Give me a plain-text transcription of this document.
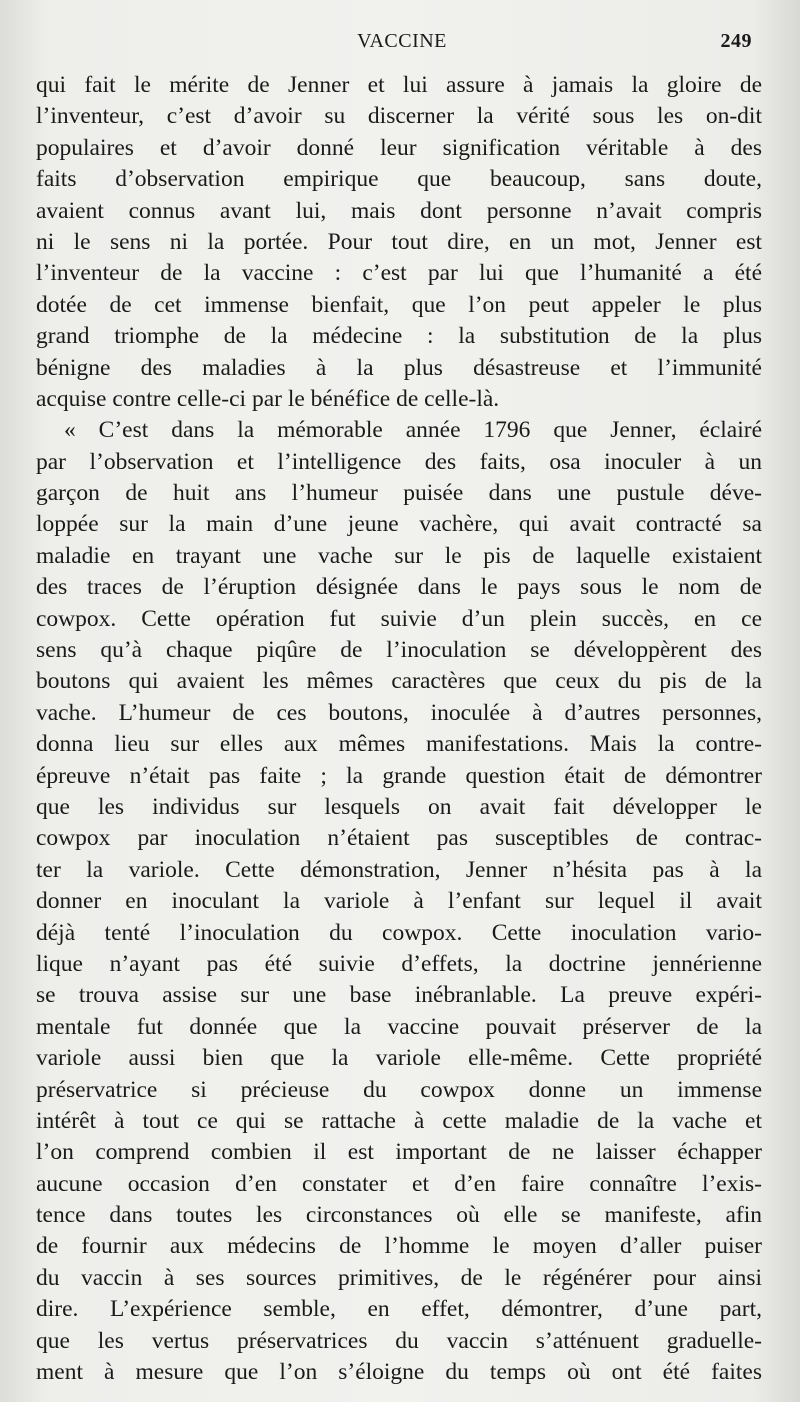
VACCINE	249
qui fait le mérite de Jenner et lui assure à jamais la gloire de
l’inventeur, c’est d’avoir su discerner la vérité sous les on-dit
populaires et d’avoir donné leur signification véritable à des
faits d’observation empirique que beaucoup, sans doute,
avaient connus avant lui, mais dont personne n’avait compris
ni le sens ni la portée. Pour tout dire, en un mot, Jenner est
l’inventeur de la vaccine : c’est par lui que l’humanité a été
dotée de cet immense bienfait, que l’on peut appeler le plus
grand triomphe de la médecine : la substitution de la plus
bénigne des maladies à la plus désastreuse et l’immunité
acquise contre celle-ci par le bénéfice de celle-là.
« C’est dans la mémorable année 1796 que Jenner, éclairé
par l’observation et l’intelligence des faits, osa inoculer à un
garçon de huit ans l’humeur puisée dans une pustule déve-
loppée sur la main d’une jeune vachère, qui avait contracté sa
maladie en trayant une vache sur le pis de laquelle existaient
des traces de l’éruption désignée dans le pays sous le nom de
cowpox. Cette opération fut suivie d’un plein succès, en ce
sens qu’à chaque piqûre de l’inoculation se développèrent des
boutons qui avaient les mêmes caractères que ceux du pis de la
vache. L’humeur de ces boutons, inoculée à d’autres personnes,
donna lieu sur elles aux mêmes manifestations. Mais la contre-
épreuve n’était pas faite ; la grande question était de démontrer
que les individus sur lesquels on avait fait développer le
cowpox par inoculation n’étaient pas susceptibles de contrac-
ter la variole. Cette démonstration, Jenner n’hésita pas à la
donner en inoculant la variole à l’enfant sur lequel il avait
déjà tenté l’inoculation du cowpox. Cette inoculation vario-
lique n’ayant pas été suivie d’effets, la doctrine jennérienne
se trouva assise sur une base inébranlable. La preuve expéri-
mentale fut donnée que la vaccine pouvait préserver de la
variole aussi bien que la variole elle-même. Cette propriété
préservatrice si précieuse du cowpox donne un immense
intérêt à tout ce qui se rattache à cette maladie de la vache et
l’on comprend combien il est important de ne laisser échapper
aucune occasion d’en constater et d’en faire connaître l’exis-
tence dans toutes les circonstances où elle se manifeste, afin
de fournir aux médecins de l’homme le moyen d’aller puiser
du vaccin à ses sources primitives, de le régénérer pour ainsi
dire. L’expérience semble, en effet, démontrer, d’une part,
que les vertus préservatrices du vaccin s’atténuent graduelle-
ment à mesure que l’on s’éloigne du temps où ont été faites
